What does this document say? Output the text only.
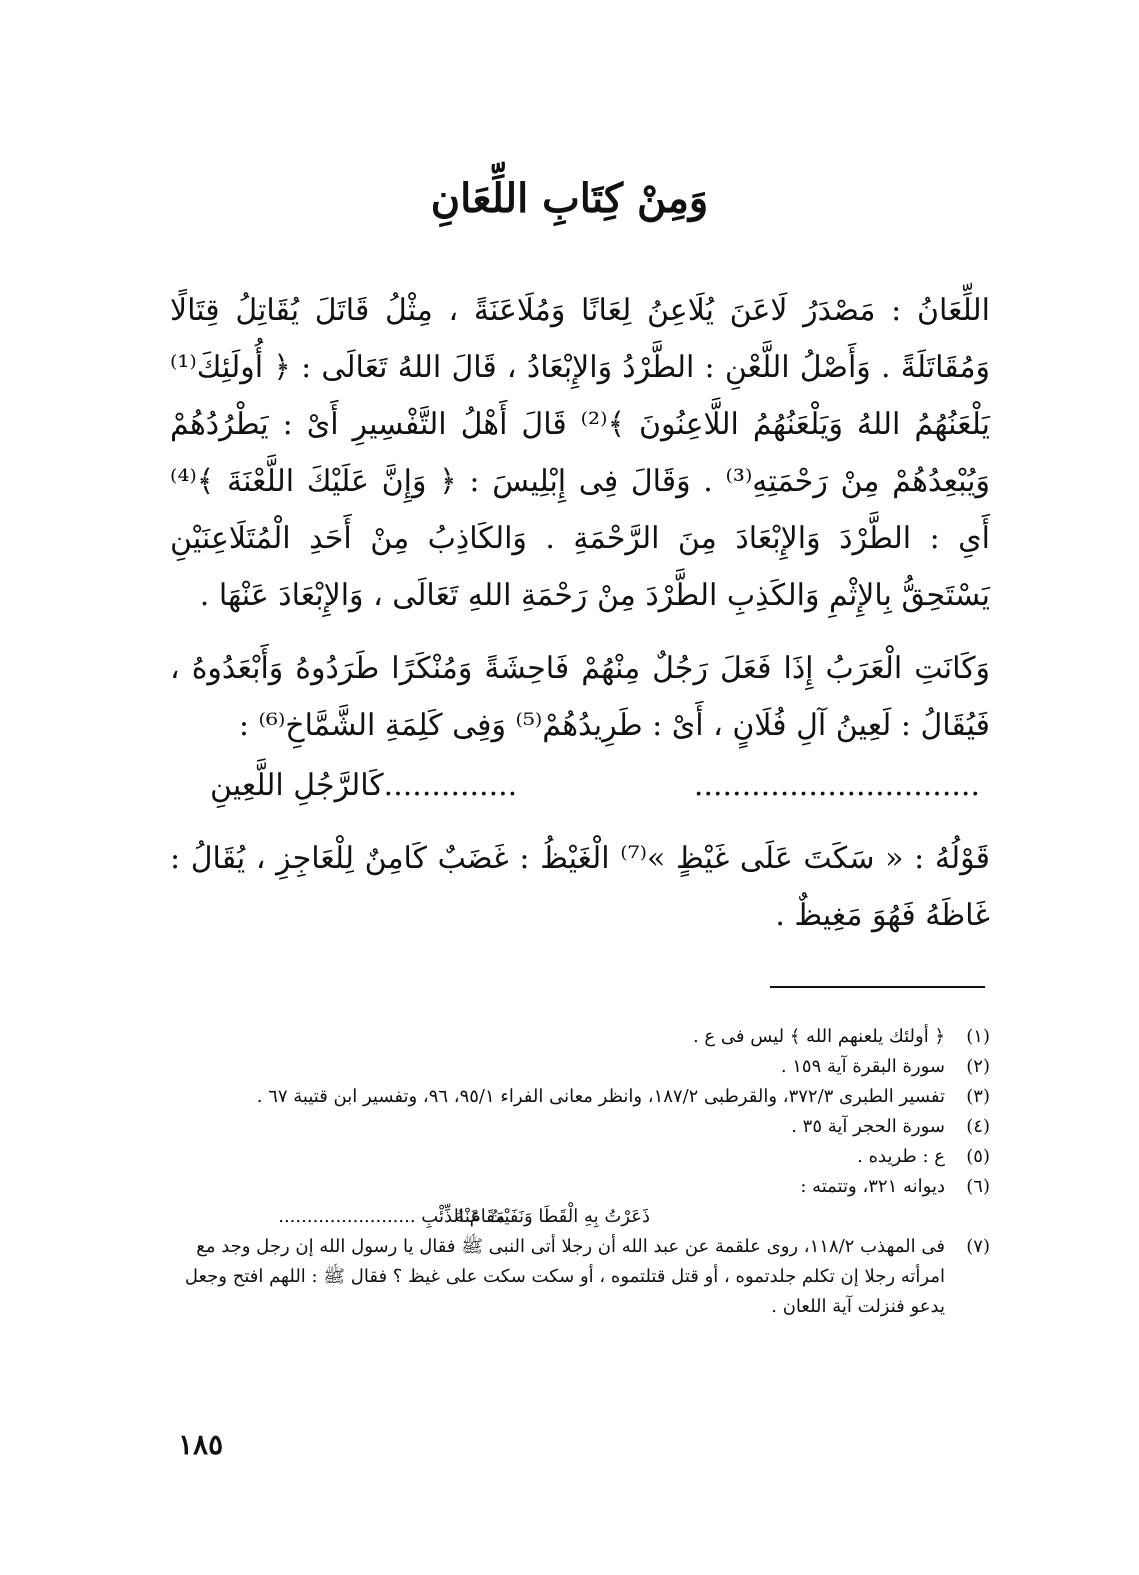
وَمِنْ كِتَابِ اللِّعَانِ

اللِّعَانُ : مَصْدَرُ لَاعَنَ يُلَاعِنُ لِعَانًا وَمُلَاعَنَةً ، مِثْلُ قَاتَلَ يُقَاتِلُ قِتَالًا وَمُقَاتَلَةً . وَأَصْلُ اللَّعْنِ : الطَّرْدُ وَالإِبْعَادُ ، قَالَ اللهُ تَعَالَى : ﴿ أُولَئِكَ⁽¹⁾ يَلْعَنُهُمُ اللهُ وَيَلْعَنُهُمُ اللَّاعِنُونَ ﴾⁽²⁾ قَالَ أَهْلُ التَّفْسِيرِ أَىْ : يَطْرُدُهُمْ وَيُبْعِدُهُمْ مِنْ رَحْمَتِهِ⁽³⁾ . وَقَالَ فِى إِبْلِيسَ : ﴿ وَإِنَّ عَلَيْكَ اللَّعْنَةَ ﴾⁽⁴⁾ أَىِ : الطَّرْدَ وَالإِبْعَادَ مِنَ الرَّحْمَةِ . وَالكَاذِبُ مِنْ أَحَدِ الْمُتَلَاعِنَيْنِ يَسْتَحِقُّ بِالإِثْمِ وَالكَذِبِ الطَّرْدَ مِنْ رَحْمَةِ اللهِ تَعَالَى ، وَالإِبْعَادَ عَنْهَا .

وَكَانَتِ الْعَرَبُ إِذَا فَعَلَ رَجُلٌ مِنْهُمْ فَاحِشَةً وَمُنْكَرًا طَرَدُوهُ وَأَبْعَدُوهُ ، فَيُقَالُ : لَعِينُ آلِ فُلَانٍ ، أَىْ : طَرِيدُهُمْ⁽⁵⁾ وَفِى كَلِمَةِ الشَّمَّاخِ⁽⁶⁾ :

..............................
..............كَالرَّجُلِ اللَّعِينِ

قَوْلُهُ : « سَكَتَ عَلَى غَيْظٍ »⁽⁷⁾ الْغَيْظُ : غَضَبٌ كَامِنٌ لِلْعَاجِزِ ، يُقَالُ : غَاظَهُ فَهُوَ مَغِيظٌ .

(١)
﴿ أولئك يلعنهم الله ﴾ ليس فى ع .
(٢)
سورة البقرة آية ١٥٩ .
(٣)
تفسير الطبرى ٣٧٢/٣، والقرطبى ١٨٧/٢، وانظر معانى الفراء ٩٥/١، ٩٦، وتفسير ابن قتيبة ٦٧ .
(٤)
سورة الحجر آية ٣٥ .
(٥)
ع : طريده .
(٦)
ديوانه ٣٢١، وتتمته :
ذَعَرْتُ بِهِ الْقَطَا وَنَفَيْتُ عَنْهُ
مَقَامَ الذِّئْبِ ........................
(٧)
فى المهذب ١١٨/٢، روى علقمة عن عبد الله أن رجلا أتى النبى ﷺ فقال يا رسول الله إن رجل وجد مع امرأته رجلا إن تكلم جلدتموه ، أو قتل قتلتموه ، أو سكت سكت على غيظ ؟ فقال ﷺ : اللهم افتح وجعل يدعو فنزلت آية اللعان .
١٨٥
